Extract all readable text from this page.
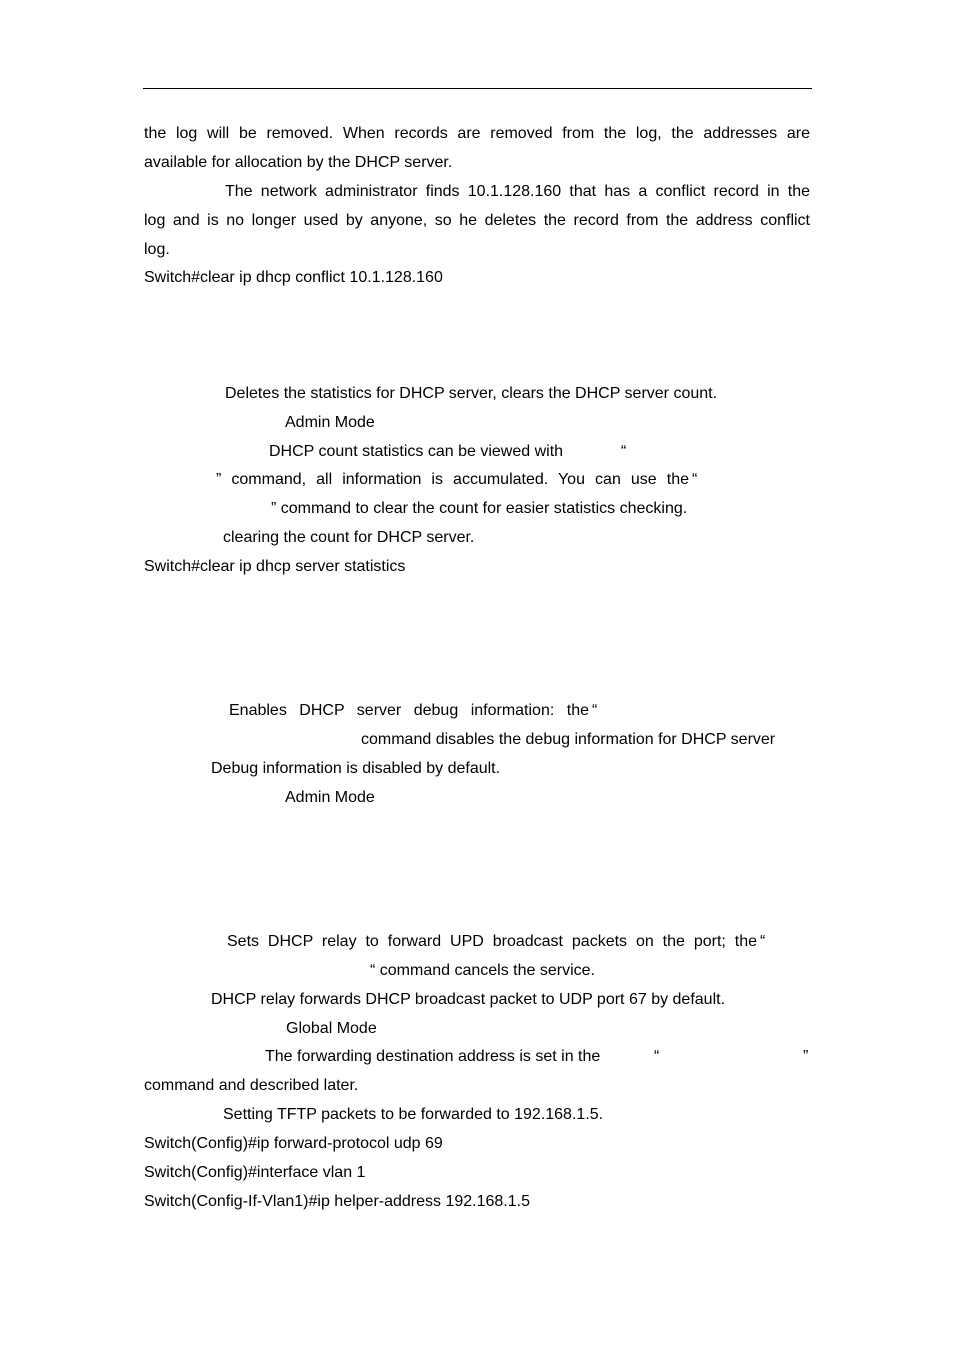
the log will be removed. When records are removed from the log, the addresses are
available for allocation by the DHCP server.
The network administrator finds 10.1.128.160 that has a conflict record in the
log and is no longer used by anyone, so he deletes the record from the address conflict
log.
Switch#clear ip dhcp conflict 10.1.128.160
Deletes the statistics for DHCP server, clears the DHCP server count.
Admin Mode
DHCP count statistics can be viewed with	“
” command, all information is accumulated. You can use the “
” command to clear the count for easier statistics checking.
clearing the count for DHCP server.
Switch#clear ip dhcp server statistics
Enables DHCP server debug information: the “
command disables the debug information for DHCP server
Debug information is disabled by default.
Admin Mode
Sets DHCP relay to forward UPD broadcast packets on the port; the “
“ command cancels the service.
DHCP relay forwards DHCP broadcast packet to UDP port 67 by default.
Global Mode
The forwarding destination address is set in the	“	”
command and described later.
Setting TFTP packets to be forwarded to 192.168.1.5.
Switch(Config)#ip forward-protocol udp 69
Switch(Config)#interface vlan 1
Switch(Config-If-Vlan1)#ip helper-address 192.168.1.5
